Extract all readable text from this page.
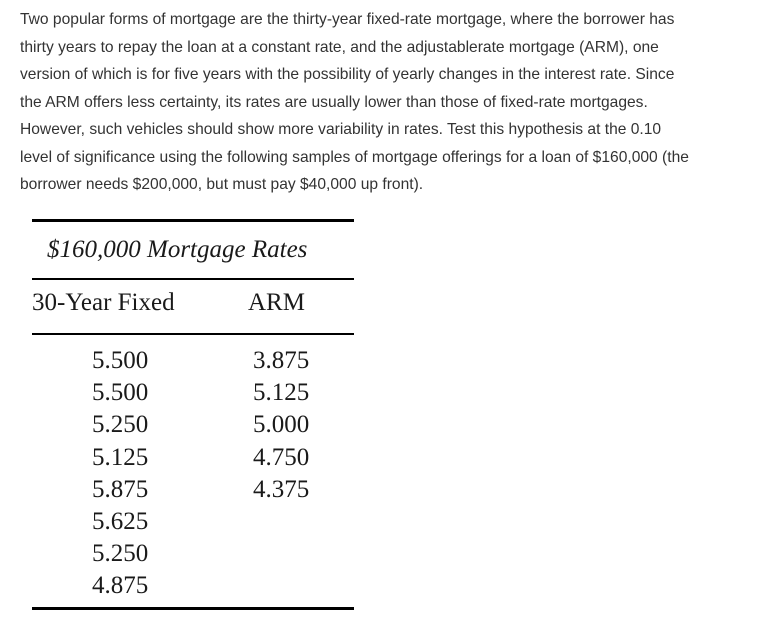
Two popular forms of mortgage are the thirty-year fixed-rate mortgage, where the borrower has
thirty years to repay the loan at a constant rate, and the adjustablerate mortgage (ARM), one
version of which is for five years with the possibility of yearly changes in the interest rate. Since
the ARM offers less certainty, its rates are usually lower than those of fixed-rate mortgages.
However, such vehicles should show more variability in rates. Test this hypothesis at the 0.10
level of significance using the following samples of mortgage offerings for a loan of $160,000 (the
borrower needs $200,000, but must pay $40,000 up front).

$160,000 Mortgage Rates
30-Year Fixed	ARM
5.500
5.500
5.250
5.125
5.875
5.625
5.250
4.875
3.875
5.125
5.000
4.750
4.375
